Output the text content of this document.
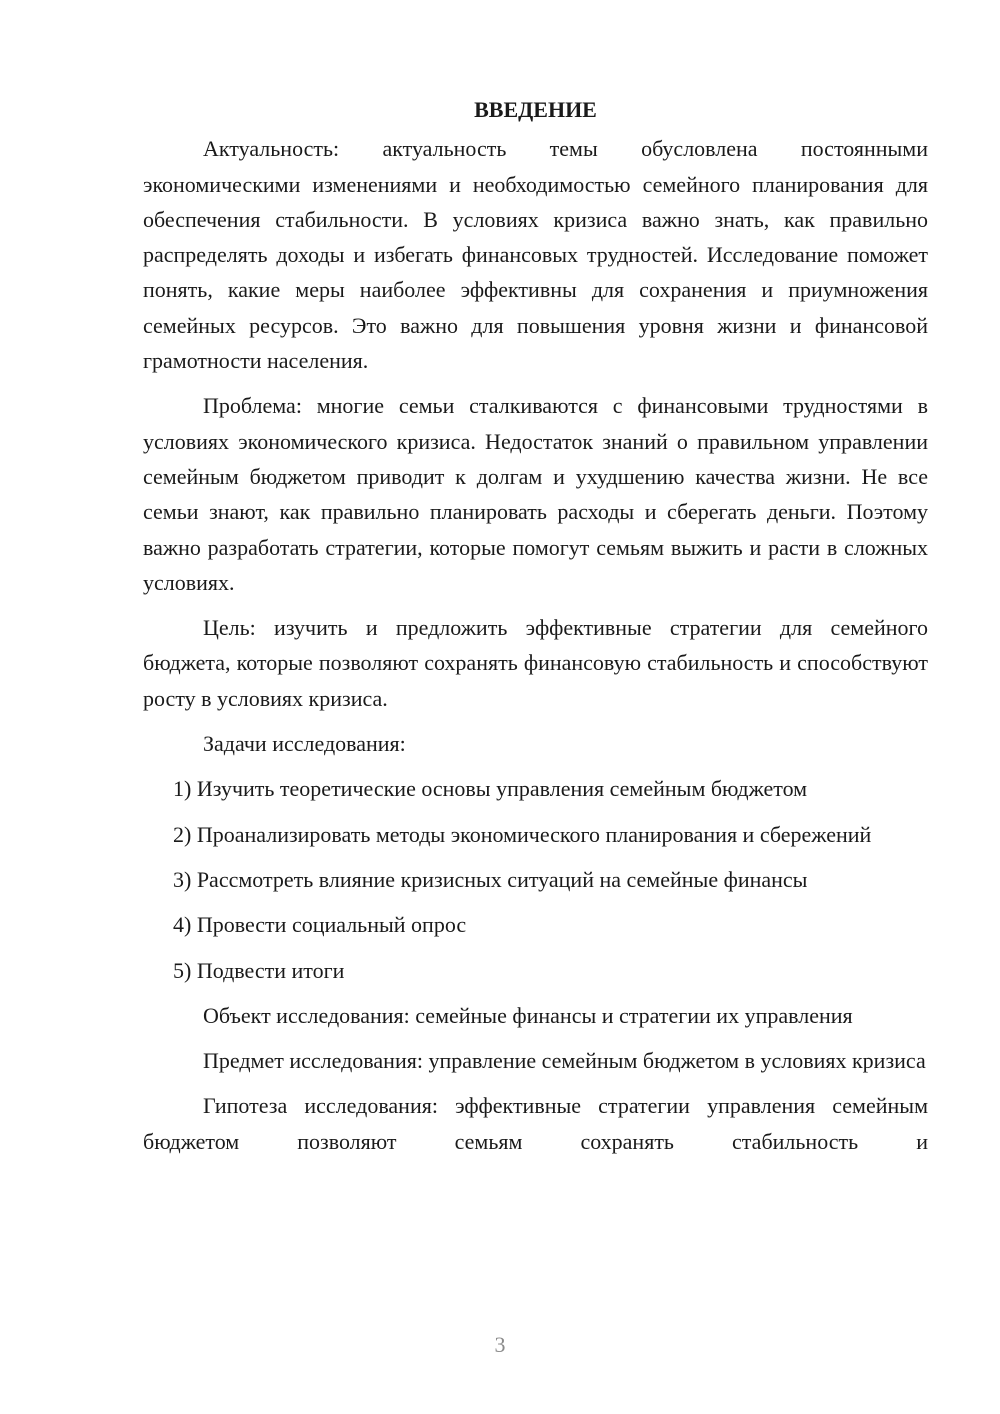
ВВЕДЕНИЕ

Актуальность: актуальность темы обусловлена постоянными экономическими изменениями и необходимостью семейного планирования для обеспечения стабильности. В условиях кризиса важно знать, как правильно распределять доходы и избегать финансовых трудностей. Исследование поможет понять, какие меры наиболее эффективны для сохранения и приумножения семейных ресурсов. Это важно для повышения уровня жизни и финансовой грамотности населения.

Проблема: многие семьи сталкиваются с финансовыми трудностями в условиях экономического кризиса. Недостаток знаний о правильном управлении семейным бюджетом приводит к долгам и ухудшению качества жизни. Не все семьи знают, как правильно планировать расходы и сберегать деньги. Поэтому важно разработать стратегии, которые помогут семьям выжить и расти в сложных условиях.

Цель: изучить и предложить эффективные стратегии для семейного бюджета, которые позволяют сохранять финансовую стабильность и способствуют росту в условиях кризиса.

Задачи исследования:

1) Изучить теоретические основы управления семейным бюджетом

2) Проанализировать методы экономического планирования и сбережений

3) Рассмотреть влияние кризисных ситуаций на семейные финансы

4) Провести социальный опрос

5) Подвести итоги

Объект исследования: семейные финансы и стратегии их управления

Предмет исследования: управление семейным бюджетом в условиях кризиса

Гипотеза исследования: эффективные стратегии управления семейным бюджетом позволяют семьям сохранять стабильность и

3
